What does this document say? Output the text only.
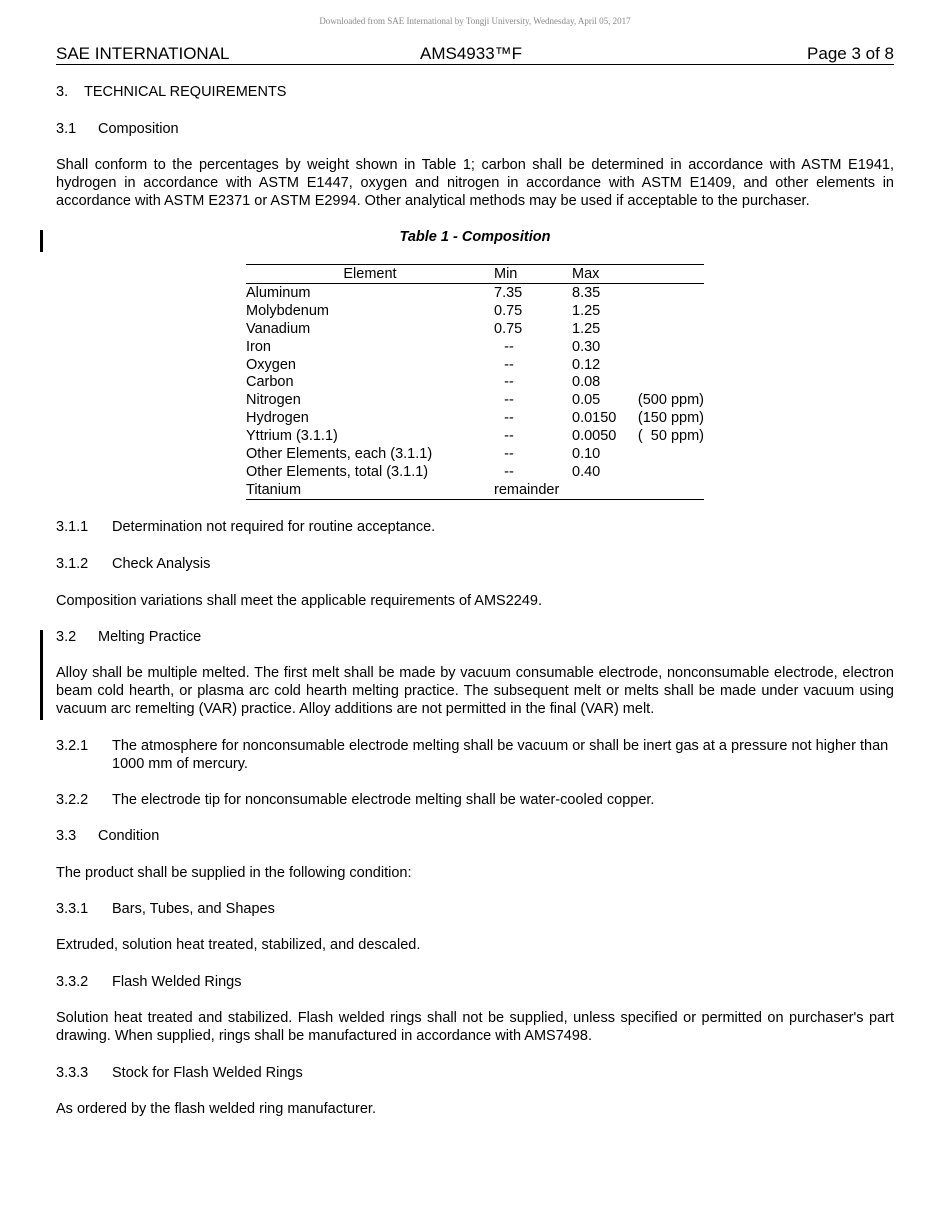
Downloaded from SAE International by Tongji University, Wednesday, April 05, 2017
SAE INTERNATIONAL	AMS4933™F	Page 3 of 8
3. TECHNICAL REQUIREMENTS
3.1 Composition
Shall conform to the percentages by weight shown in Table 1; carbon shall be determined in accordance with ASTM E1941, hydrogen in accordance with ASTM E1447, oxygen and nitrogen in accordance with ASTM E1409, and other elements in accordance with ASTM E2371 or ASTM E2994. Other analytical methods may be used if acceptable to the purchaser.
Table 1 - Composition
Element	Min	Max
Aluminum	7.35	8.35
Molybdenum	0.75	1.25
Vanadium	0.75	1.25
Iron	--	0.30
Oxygen	--	0.12
Carbon	--	0.08
Nitrogen	--	0.05	(500 ppm)
Hydrogen	--	0.0150 (150 ppm)
Yttrium (3.1.1)	--	0.0050 (  50 ppm)
Other Elements, each (3.1.1)	--	0.10
Other Elements, total (3.1.1)	--	0.40
Titanium	remainder
3.1.1 Determination not required for routine acceptance.
3.1.2 Check Analysis
Composition variations shall meet the applicable requirements of AMS2249.
3.2 Melting Practice
Alloy shall be multiple melted. The first melt shall be made by vacuum consumable electrode, nonconsumable electrode, electron beam cold hearth, or plasma arc cold hearth melting practice. The subsequent melt or melts shall be made under vacuum using vacuum arc remelting (VAR) practice. Alloy additions are not permitted in the final (VAR) melt.
3.2.1 The atmosphere for nonconsumable electrode melting shall be vacuum or shall be inert gas at a pressure not higher than 1000 mm of mercury.
3.2.2 The electrode tip for nonconsumable electrode melting shall be water-cooled copper.
3.3 Condition
The product shall be supplied in the following condition:
3.3.1 Bars, Tubes, and Shapes
Extruded, solution heat treated, stabilized, and descaled.
3.3.2 Flash Welded Rings
Solution heat treated and stabilized. Flash welded rings shall not be supplied, unless specified or permitted on purchaser's part drawing. When supplied, rings shall be manufactured in accordance with AMS7498.
3.3.3 Stock for Flash Welded Rings
As ordered by the flash welded ring manufacturer.
